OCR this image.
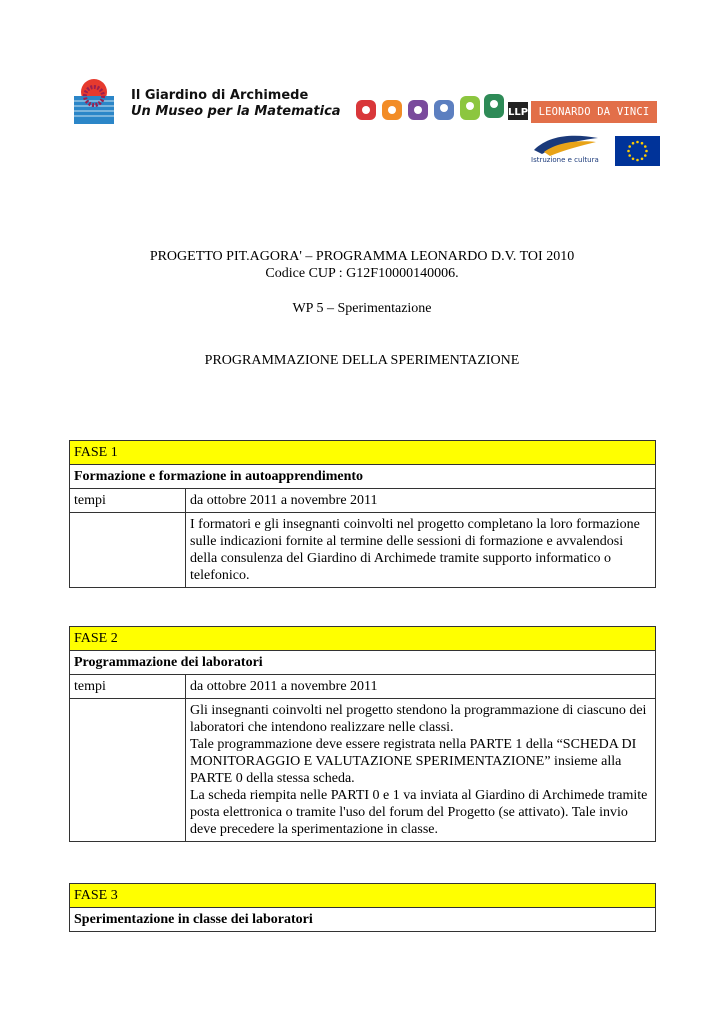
Il Giardino di Archimede
Un Museo per la Matematica	LLP LEONARDO DA VINCI
Istruzione e cultura
PROGETTO PIT.AGORA' – PROGRAMMA LEONARDO D.V. TOI 2010
Codice CUP : G12F10000140006.
WP 5 – Sperimentazione
PROGRAMMAZIONE DELLA SPERIMENTAZIONE
FASE 1	
Formazione e formazione in autoapprendimento	
tempi	da ottobre 2011 a novembre 2011

	I formatori e gli insegnanti coinvolti nel progetto completano la loro formazione sulle indicazioni fornite al termine delle sessioni di formazione e avvalendosi della consulenza del Giardino di Archimede tramite supporto informatico o telefonico.

FASE 2	
Programmazione dei laboratori	
tempi	da ottobre 2011 a novembre 2011

	Gli insegnanti coinvolti nel progetto stendono la programmazione di ciascuno dei laboratori che intendono realizzare nelle classi.

Tale programmazione deve essere registrata nella PARTE 1 della “SCHEDA DI MONITORAGGIO E VALUTAZIONE SPERIMENTAZIONE” insieme alla PARTE 0 della stessa scheda.

La scheda riempita nelle PARTI 0 e 1 va inviata al Giardino di Archimede tramite posta elettronica o tramite l'uso del forum del Progetto (se attivato). Tale invio deve precedere la sperimentazione in classe.

FASE 3
Sperimentazione in classe dei laboratori
